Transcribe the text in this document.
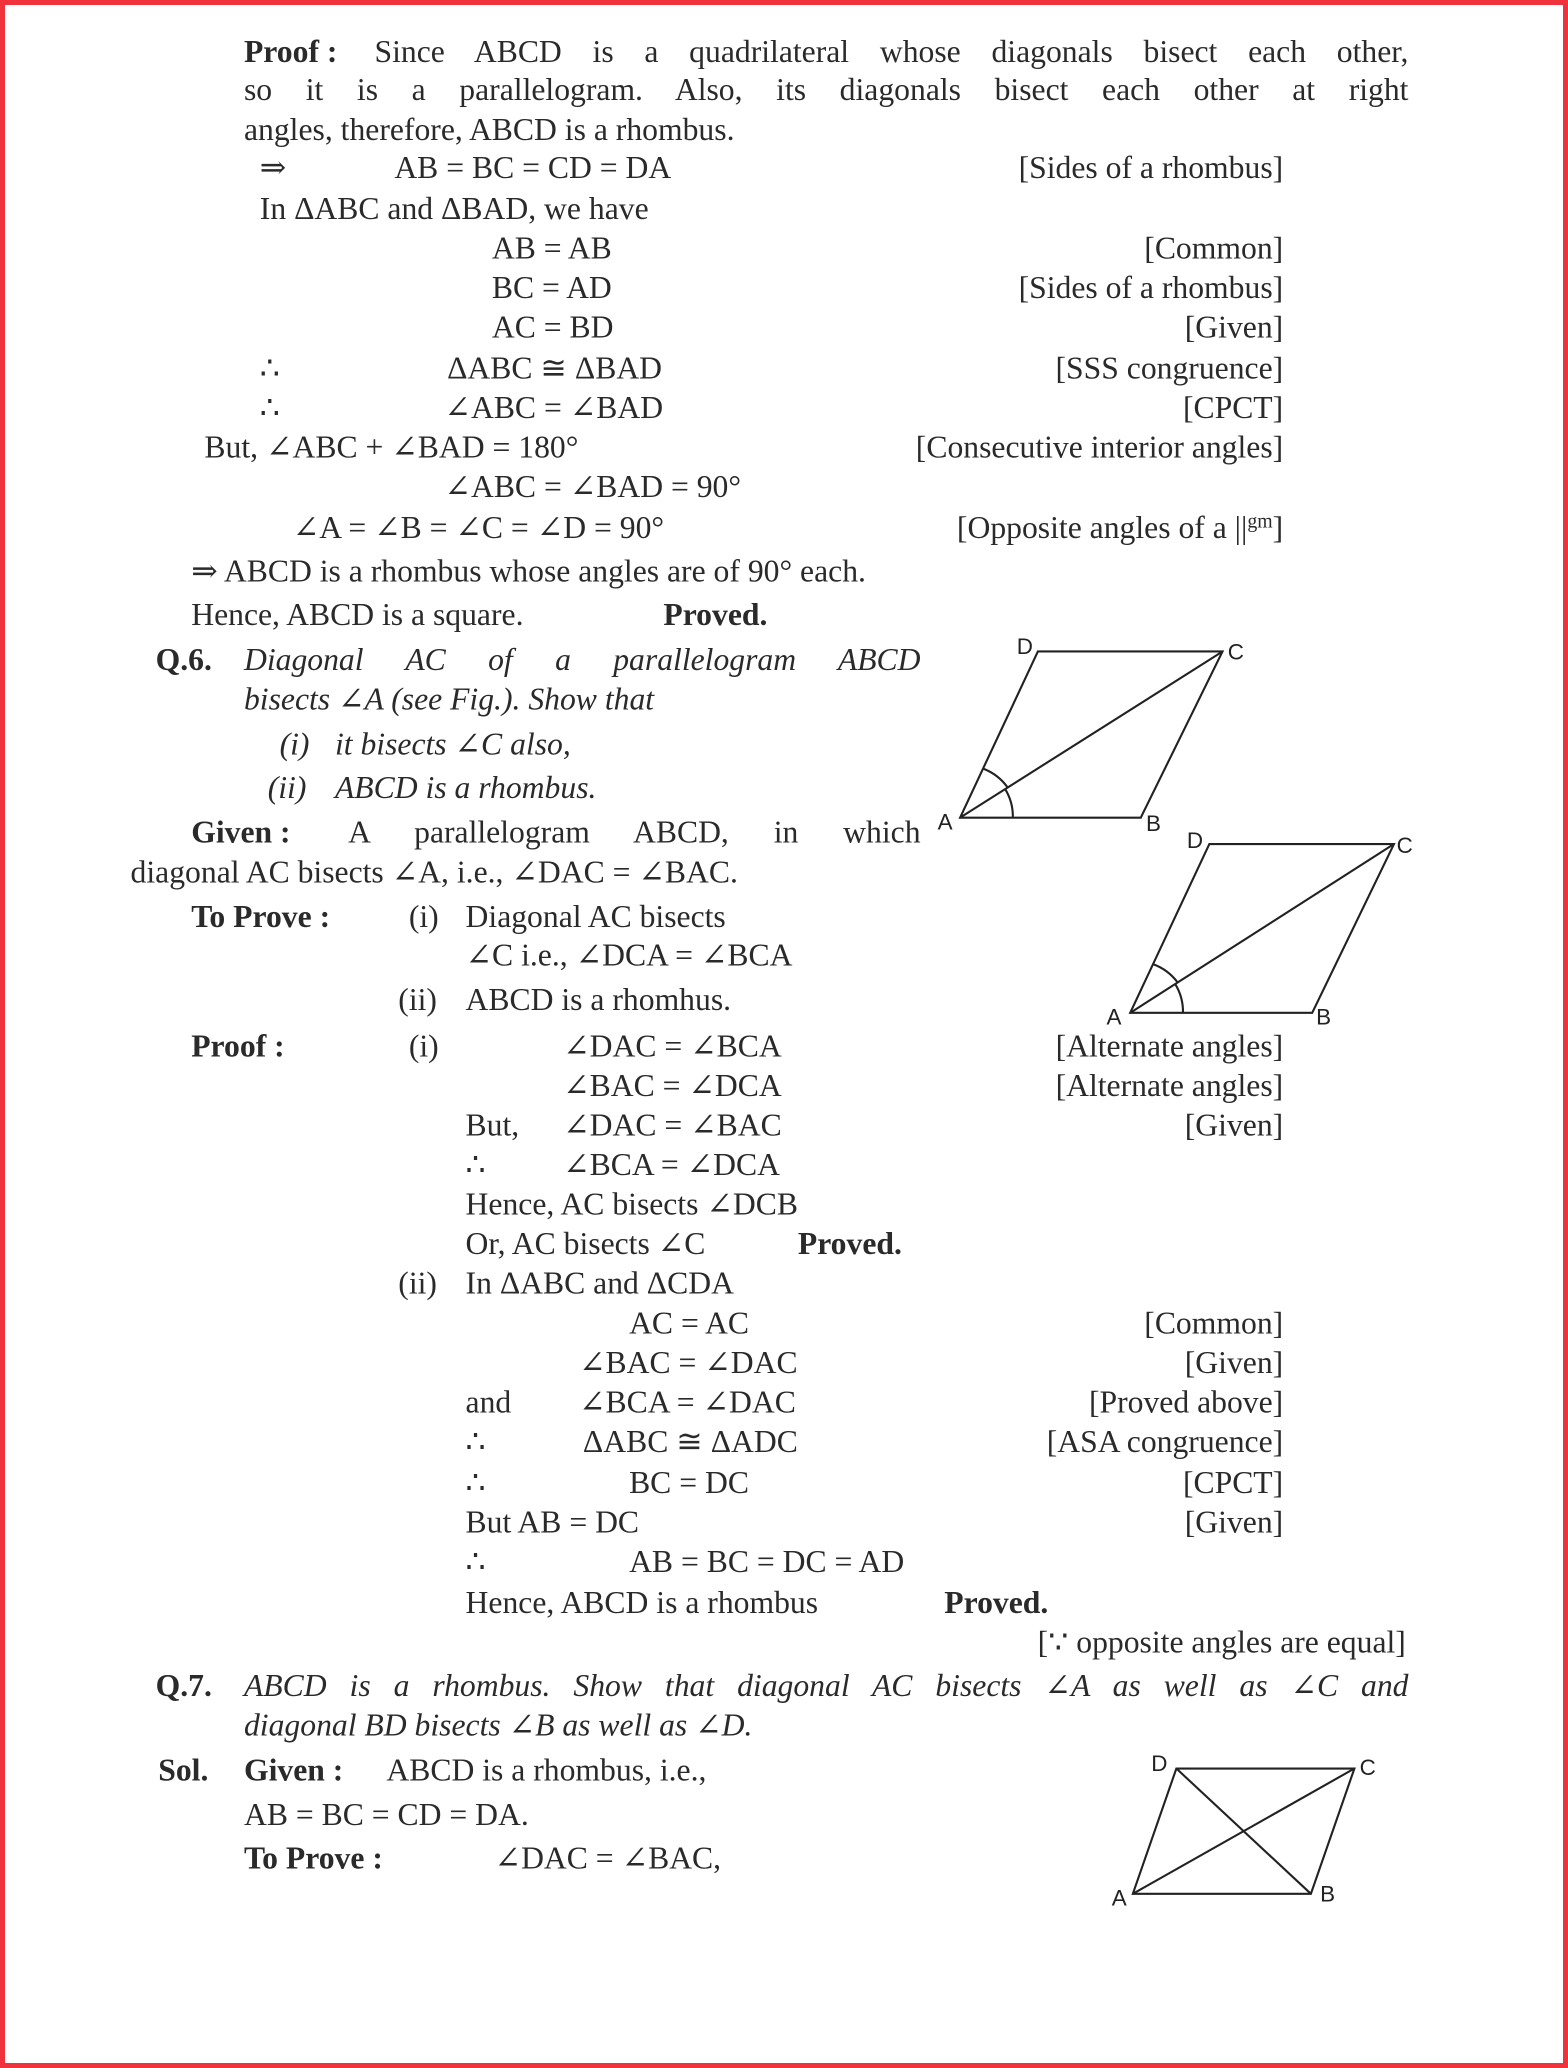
Proof : Since ABCD is a quadrilateral whose diagonals bisect each other,
so it is a parallelogram. Also, its diagonals bisect each other at right
angles, therefore, ABCD is a rhombus.
⇒	AB = BC = CD = DA	[Sides of a rhombus]
In ΔABC and ΔBAD, we have
AB = AB	[Common]
BC = AD	[Sides of a rhombus]
AC = BD	[Given]
∴	ΔABC ≅ ΔBAD	[SSS congruence]
∴	∠ABC = ∠BAD	[CPCT]
But, ∠ABC + ∠BAD = 180°	[Consecutive interior angles]
∠ABC = ∠BAD = 90°
∠A = ∠B = ∠C = ∠D = 90°	[Opposite angles of a $||^{gm}$]
⇒ ABCD is a rhombus whose angles are of 90° each.
Hence, ABCD is a square.	Proved.
Q.6. Diagonal AC of a parallelogram ABCD
bisects ∠A (see Fig.). Show that
(i) it bisects ∠C also,
(ii) ABCD is a rhombus.
Given : A parallelogram ABCD, in which
diagonal AC bisects ∠A, i.e., ∠DAC = ∠BAC.
To Prove :	(i) Diagonal AC bisects
∠C i.e., ∠DCA = ∠BCA
(ii) ABCD is a rhomhus.
Proof :	(i)	∠DAC = ∠BCA	[Alternate angles]
∠BAC = ∠DCA	[Alternate angles]
But, ∠DAC = ∠BAC	[Given]
∴	∠BCA = ∠DCA
Hence, AC bisects ∠DCB
Or, AC bisects ∠C	Proved.
(ii) In ΔABC and ΔCDA
AC = AC	[Common]
∠BAC = ∠DAC	[Given]
and	∠BCA = ∠DAC	[Proved above]
∴	ΔABC ≅ ΔADC	[ASA congruence]
∴	BC = DC	[CPCT]
But AB = DC	[Given]
∴	AB = BC = DC = AD
Hence, ABCD is a rhombus	Proved.
[∵ opposite angles are equal]
Q.7. ABCD is a rhombus. Show that diagonal AC bisects ∠A as well as ∠C and
diagonal BD bisects ∠B as well as ∠D.
Sol. Given : ABCD is a rhombus, i.e.,
AB = BC = CD = DA.
To Prove :	∠DAC = ∠BAC,
D	C
A	B
D	C
A	B
D	C
A	B
